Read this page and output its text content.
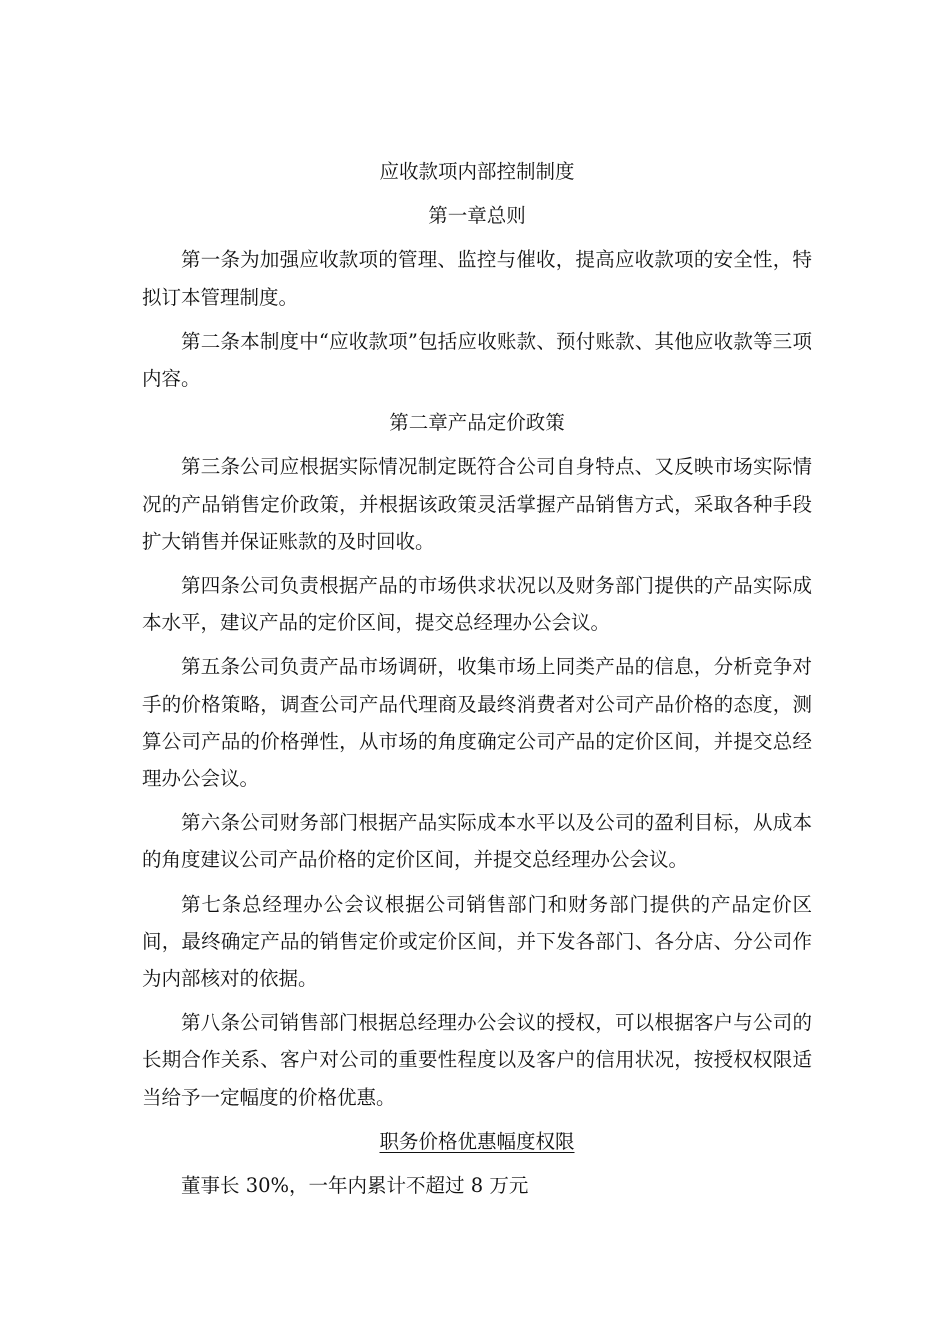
应收款项内部控制制度

第一章总则

第一条为加强应收款项的管理、监控与催收，提高应收款项的安全性，特拟订本管理制度。

第二条本制度中“应收款项”包括应收账款、预付账款、其他应收款等三项内容。

第二章产品定价政策

第三条公司应根据实际情况制定既符合公司自身特点、又反映市场实际情况的产品销售定价政策，并根据该政策灵活掌握产品销售方式，采取各种手段扩大销售并保证账款的及时回收。

第四条公司负责根据产品的市场供求状况以及财务部门提供的产品实际成本水平，建议产品的定价区间，提交总经理办公会议。

第五条公司负责产品市场调研，收集市场上同类产品的信息，分析竞争对手的价格策略，调查公司产品代理商及最终消费者对公司产品价格的态度，测算公司产品的价格弹性，从市场的角度确定公司产品的定价区间，并提交总经理办公会议。

第六条公司财务部门根据产品实际成本水平以及公司的盈利目标，从成本的角度建议公司产品价格的定价区间，并提交总经理办公会议。

第七条总经理办公会议根据公司销售部门和财务部门提供的产品定价区间，最终确定产品的销售定价或定价区间，并下发各部门、各分店、分公司作为内部核对的依据。

第八条公司销售部门根据总经理办公会议的授权，可以根据客户与公司的长期合作关系、客户对公司的重要性程度以及客户的信用状况，按授权权限适当给予一定幅度的价格优惠。

职务价格优惠幅度权限

董事长 30%，一年内累计不超过 8 万元
